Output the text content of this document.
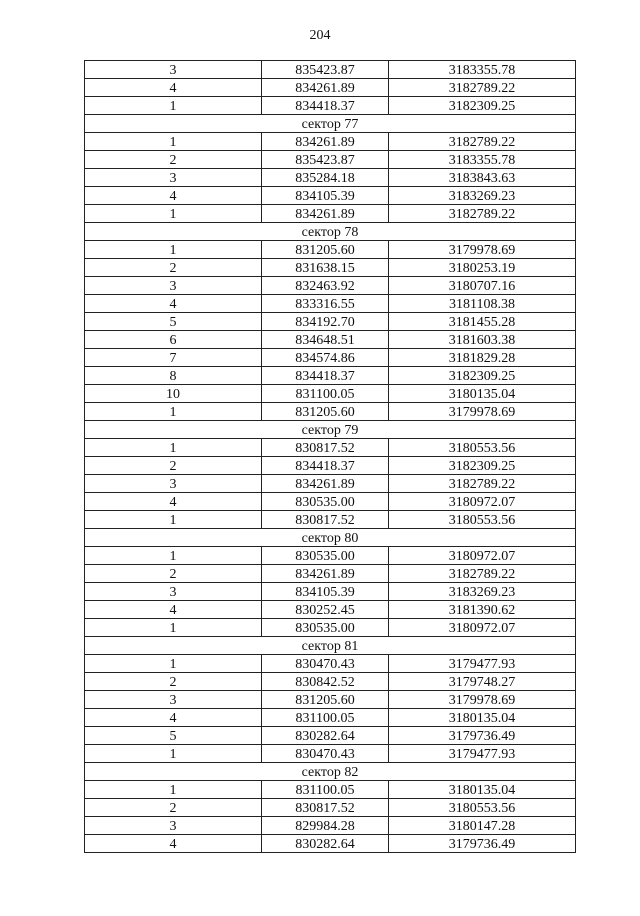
204
3	835423.87	3183355.78
4	834261.89	3182789.22
1	834418.37	3182309.25
сектор 77		
1	834261.89	3182789.22
2	835423.87	3183355.78
3	835284.18	3183843.63
4	834105.39	3183269.23
1	834261.89	3182789.22
сектор 78		
1	831205.60	3179978.69
2	831638.15	3180253.19
3	832463.92	3180707.16
4	833316.55	3181108.38
5	834192.70	3181455.28
6	834648.51	3181603.38
7	834574.86	3181829.28
8	834418.37	3182309.25
10	831100.05	3180135.04
1	831205.60	3179978.69
сектор 79		
1	830817.52	3180553.56
2	834418.37	3182309.25
3	834261.89	3182789.22
4	830535.00	3180972.07
1	830817.52	3180553.56
сектор 80		
1	830535.00	3180972.07
2	834261.89	3182789.22
3	834105.39	3183269.23
4	830252.45	3181390.62
1	830535.00	3180972.07
сектор 81		
1	830470.43	3179477.93
2	830842.52	3179748.27
3	831205.60	3179978.69
4	831100.05	3180135.04
5	830282.64	3179736.49
1	830470.43	3179477.93
сектор 82		
1	831100.05	3180135.04
2	830817.52	3180553.56
3	829984.28	3180147.28
4	830282.64	3179736.49
